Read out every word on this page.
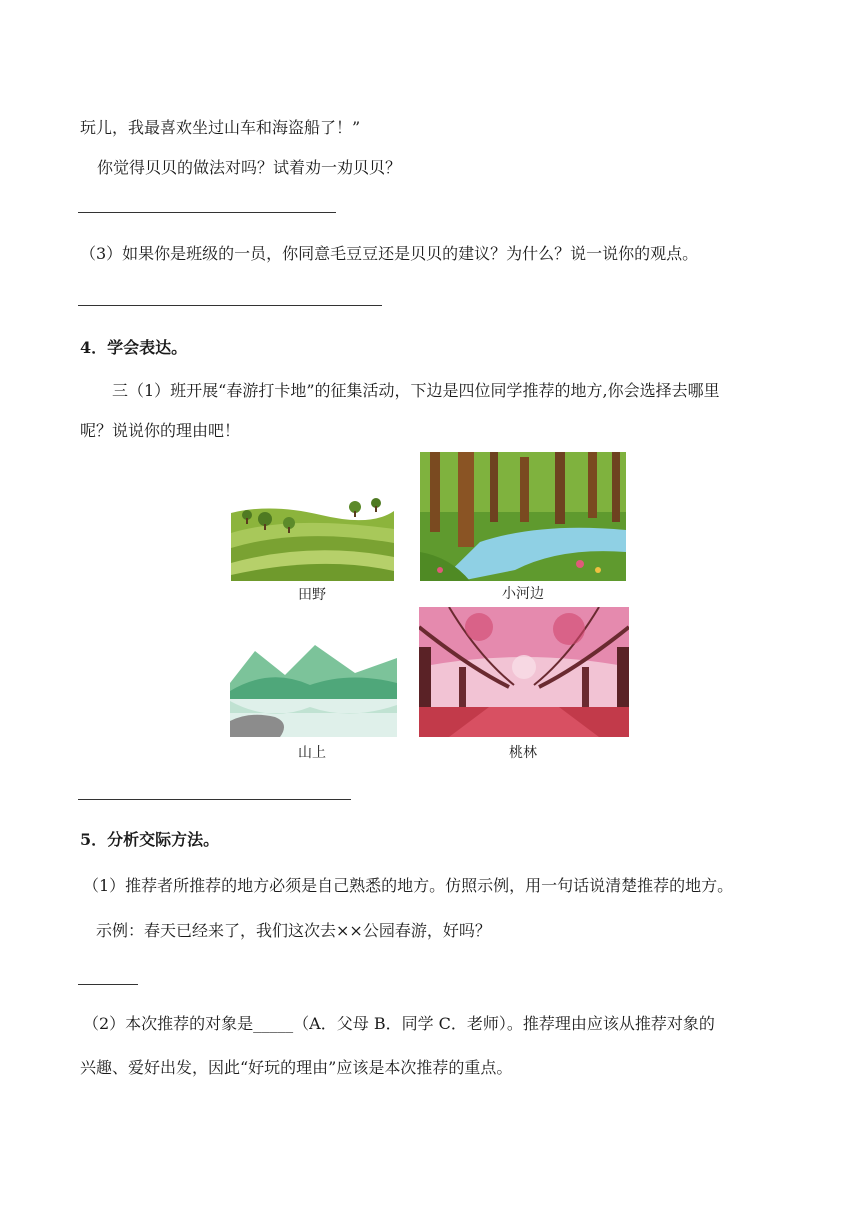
玩儿，我最喜欢坐过山车和海盗船了！”
你觉得贝贝的做法对吗？试着劝一劝贝贝？
（3）如果你是班级的一员，你同意毛豆豆还是贝贝的建议？为什么？说一说你的观点。
4．学会表达。
三（1）班开展“春游打卡地”的征集活动，下边是四位同学推荐的地方,你会选择去哪里
呢？说说你的理由吧！
田野	小河边
山上	桃林
5．分析交际方法。
（1）推荐者所推荐的地方必须是自己熟悉的地方。仿照示例，用一句话说清楚推荐的地方。
示例：春天已经来了，我们这次去××公园春游，好吗？
（2）本次推荐的对象是_____（A．父母 B．同学 C．老师）。推荐理由应该从推荐对象的
兴趣、爱好出发，因此“好玩的理由”应该是本次推荐的重点。
